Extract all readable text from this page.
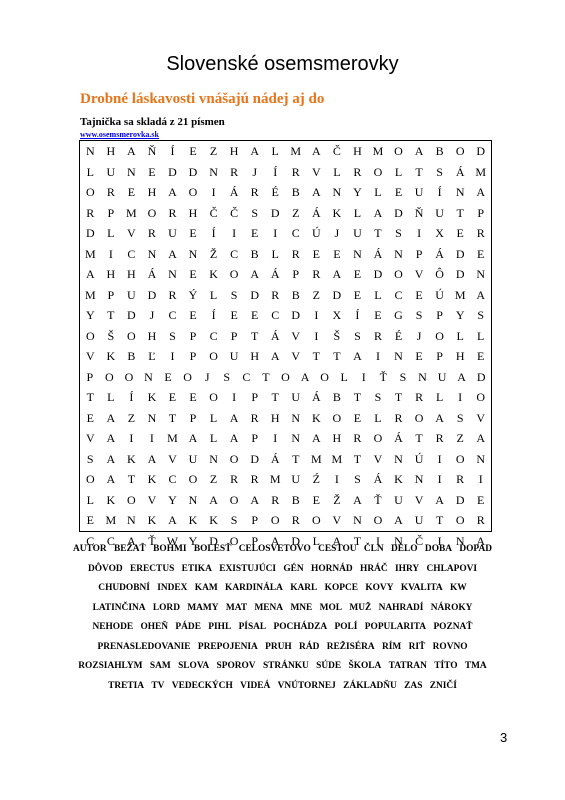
Slovenské osemsmerovky
Drobné láskavosti vnášajú nádej aj do
Tajnička sa skladá z 21 písmen
www.osemsmerovka.sk
N H A Ň	Í	E	Z	H A	L M A	Č	H M O A	B	O D
L	U N	E	D D N	R	J	Í	R	V	L	R	O	L	T	S	Á M
O	R	E	H A O	I	Á	R	É	B	A N Y	L	E	U	Í	N A
R	P M O	R	H	Č	Č	S	D	Z	Á K	L	A D Ň U	T	P
D	L	V	R	U	E	Í	I	E	I	C	Ú	J	U	T	S	I	X	E	R
M	I	C	N A N	Ž	C	B	L	R	E	E	N Á N	P	Á D	E
A H H Á N	E	K O A Á	P	R	A	E	D O V Ô D N
M P	U D	R	Ý	L	S	D	R	B	Z	D	E	L	C	E	Ú M A
Y	T	D	J	C	E	Í	E	E	C	D	I	X	Í	E	G	S	P	Y	S
O	Š	O H	S	P	C	P	T	Á V	I	Š	S	R	É	J	O	L	L
V K	B	Ľ	I	P	O U H A V	T	T	A	I	N	E	P	H	E
P O O N E O	J	S	C T O A O L	I	Ť	S N U A D
T	L	Í	K	E	E	O	I	P	T	U Á	B	T	S	T	R	L	I	O
E	A	Z	N	T	P	L	A	R	H N K O	E	L	R	O A	S	V
V A	I	I	M A	L	A	P	I	N A H	R	O Á	T	R	Z	A
S	A K A V U N O D Á	T M M T	V N Ú	I	O N
O A	T	K	C	O	Z	R	R M U	Ź	I	S	Á K N	I	R	I
L	K O V Y N A O A	R	B	E	Ž	A	Ť	U V A D	E
E M N K A K K	S	P	O	R	O V N O A U	T	O	R
C	C	A	Ť W Y D O	P	A D	L	A	T	I	N	Č	I	N A
AUTOR BEŽAŤ BOHMI BOLESŤ CELOSVETOVO CESTOU ČLN DELO DOBA DOPAD DÔVOD ERECTUS ETIKA EXISTUJÚCI GÉN HORNÁD HRÁČ IHRY CHLAPOVI CHUDOBNÍ INDEX KAM KARDINÁLA KARL KOPCE KOVY KVALITA KW LATINČINA LORD MAMY MAT MENA MNE MOL MUŽ NAHRADÍ NÁROKY NEHODE OHEŇ PÁDE PIHL PÍSAL POCHÁDZA POLÍ POPULARITA POZNAŤ PRENASLEDOVANIE PREPOJENIA PRUH RÁD REŽISÉRA RÍM RIŤ ROVNO ROZSIAHLYM SAM SLOVA SPOROV STRÁNKU SÚDE ŠKOLA TATRAN TÍTO TMA TRETIA TV VEDECKÝCH VIDEÁ VNÚTORNEJ ZÁKLADŇU ZAS ZNIČÍ
3
